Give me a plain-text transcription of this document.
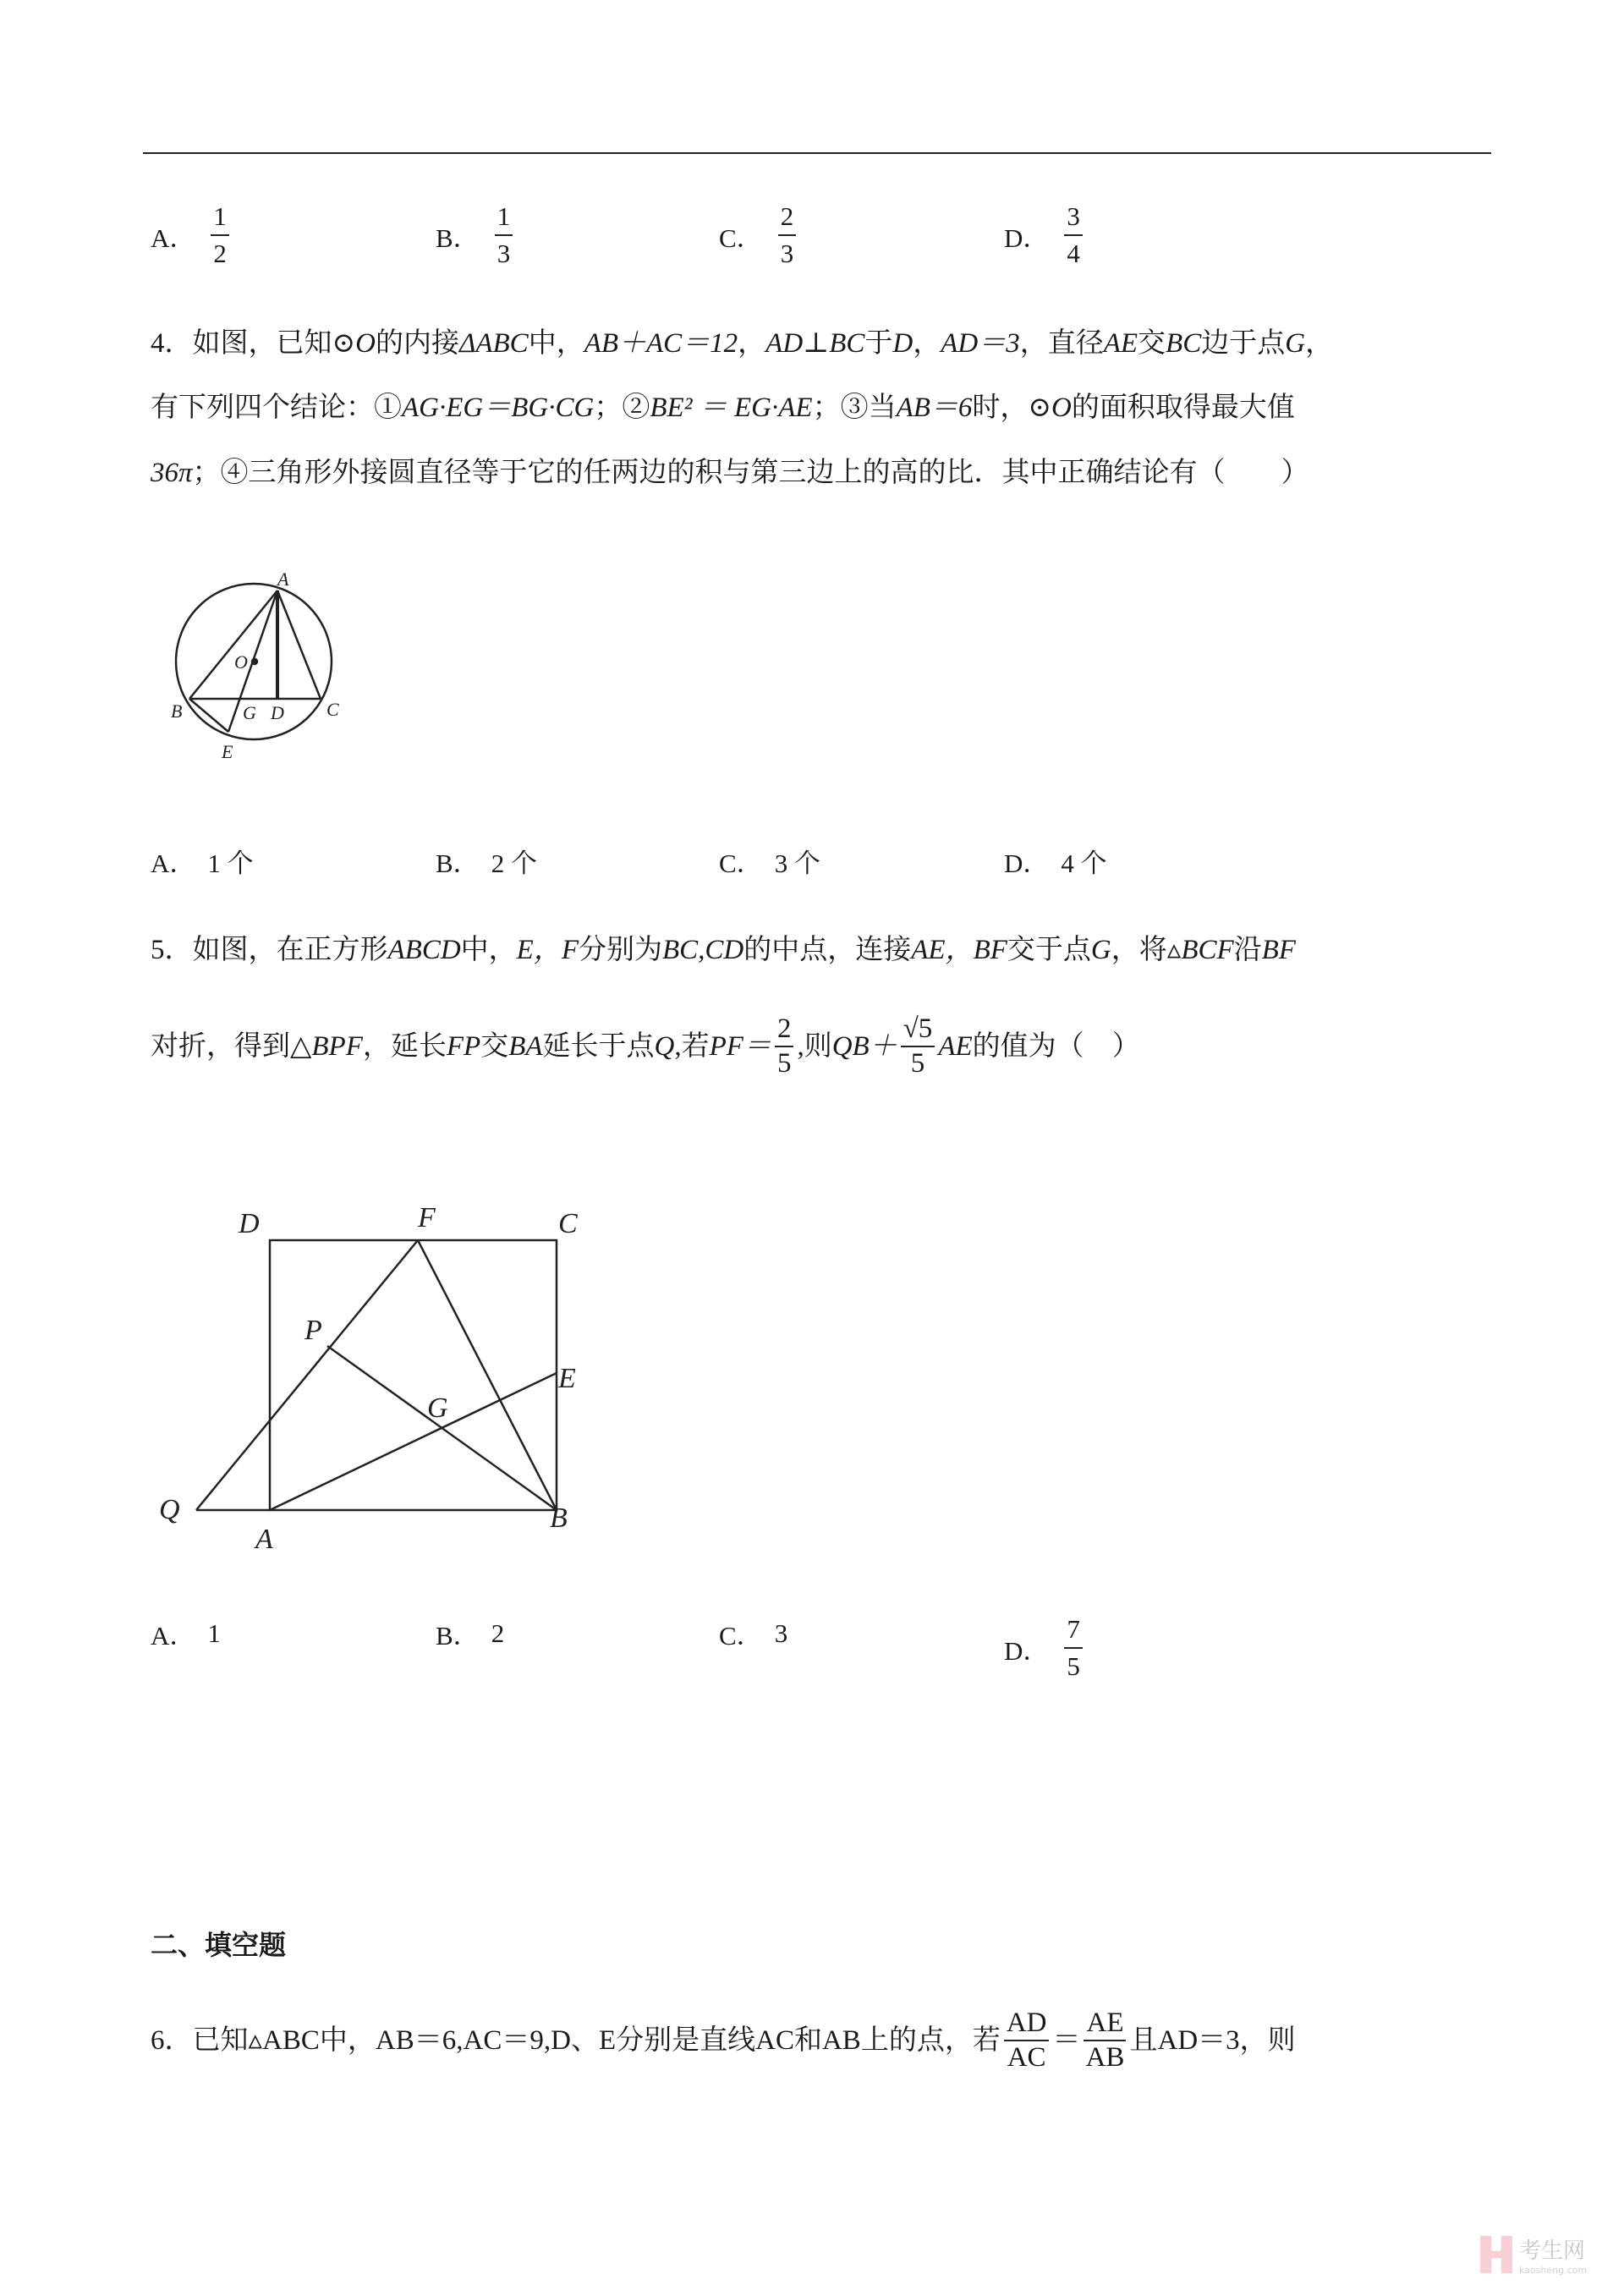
A． $\frac{1}{2}$	B． $\frac{1}{3}$	C． $\frac{2}{3}$	D． $\frac{3}{4}$
4．如图，已知 ⊙O 的内接 ΔABC 中， AB＋AC＝12 ， AD⊥BC 于 D ， AD＝3 ，直径 AE 交 BC 边于点 G ，
有下列四个结论：① AG·EG＝BG·CG ；② BE² ＝ EG·AE ；③当 AB＝6 时， ⊙O 的面积取得最大值
36π ；④三角形外接圆直径等于它的任两边的积与第三边上的高的比．其中正确结论有（　　）
A． 1 个	B． 2 个	C． 3 个	D． 4 个
A
B	C
D
E
G
O
D	F	C
E
B
A
Q
P
G
5．如图，在正方形 ABCD 中， E，F 分别为 BC,CD 的中点，连接 AE，BF 交于点 G ，将 ▵BCF 沿 BF
对折，得到 △BPF ，延长 FP 交 BA 延长于点 Q ,若 $PF= \frac{2}{5}$ ,则 $QB+ \frac{√5}{5}$ AE 的值为（　）
A． 1	B． 2	C． 3
D． $\frac{7}{5}$
二、填空题
6．已知 ▵ABC 中， AB＝6,AC＝9,D 、 E 分别是直线 AC 和 AB 上的点，若 $\frac{AD}{AC} = \frac{AE}{AB}$ 且 AD＝3 ，则
考生网
kaosheng.com
